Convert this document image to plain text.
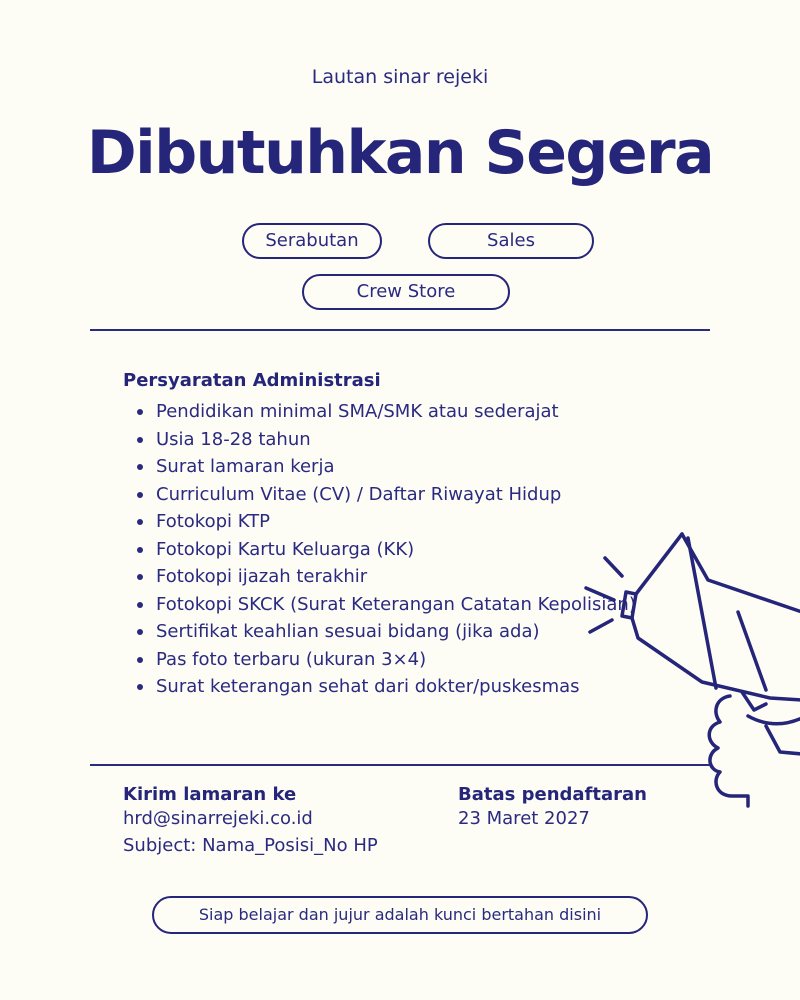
Lautan sinar rejeki
Dibutuhkan Segera
Serabutan	Sales
Crew Store
Persyaratan Administrasi
Pendidikan minimal SMA/SMK atau sederajat
Usia 18-28 tahun
Surat lamaran kerja
Curriculum Vitae (CV) / Daftar Riwayat Hidup
Fotokopi KTP
Fotokopi Kartu Keluarga (KK)
Fotokopi ijazah terakhir
Fotokopi SKCK (Surat Keterangan Catatan Kepolisian)
Sertifikat keahlian sesuai bidang (jika ada)
Pas foto terbaru (ukuran 3×4)
Surat keterangan sehat dari dokter/puskesmas
Kirim lamaran ke
hrd@sinarrejeki.co.id
Subject: Nama_Posisi_No HP
Batas pendaftaran
23 Maret 2027
Siap belajar dan jujur adalah kunci bertahan disini
